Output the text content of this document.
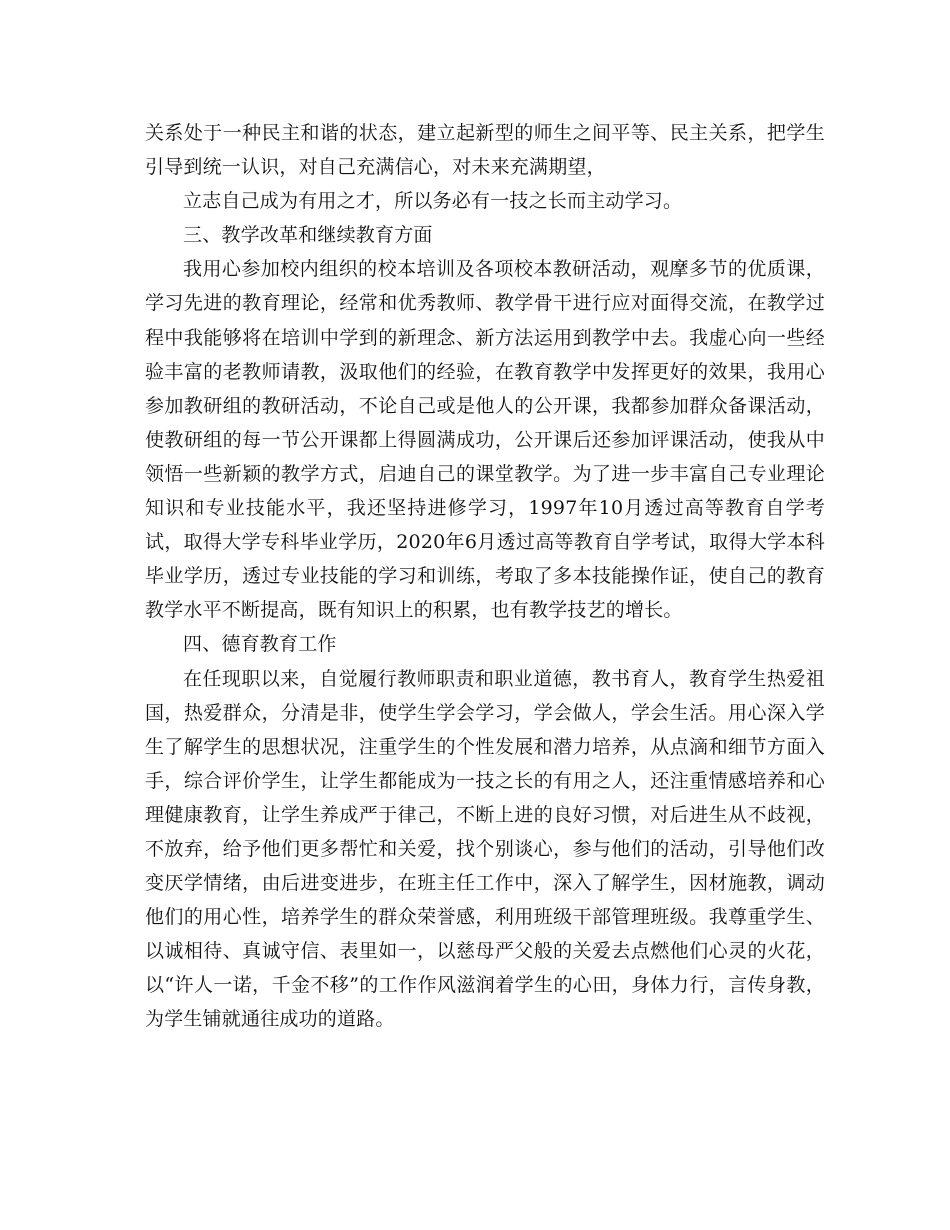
关系处于一种民主和谐的状态，建立起新型的师生之间平等、民主关系，把学生引导到统一认识，对自己充满信心，对未来充满期望，

立志自己成为有用之才，所以务必有一技之长而主动学习。

三、教学改革和继续教育方面

我用心参加校内组织的校本培训及各项校本教研活动，观摩多节的优质课，学习先进的教育理论，经常和优秀教师、教学骨干进行应对面得交流，在教学过程中我能够将在培训中学到的新理念、新方法运用到教学中去。我虚心向一些经验丰富的老教师请教，汲取他们的经验，在教育教学中发挥更好的效果，我用心参加教研组的教研活动，不论自己或是他人的公开课，我都参加群众备课活动，使教研组的每一节公开课都上得圆满成功，公开课后还参加评课活动，使我从中领悟一些新颖的教学方式，启迪自己的课堂教学。为了进一步丰富自己专业理论知识和专业技能水平，我还坚持进修学习，1997年10月透过高等教育自学考试，取得大学专科毕业学历，2020年6月透过高等教育自学考试，取得大学本科毕业学历，透过专业技能的学习和训练，考取了多本技能操作证，使自己的教育教学水平不断提高，既有知识上的积累，也有教学技艺的增长。

四、德育教育工作

在任现职以来，自觉履行教师职责和职业道德，教书育人，教育学生热爱祖国，热爱群众，分清是非，使学生学会学习，学会做人，学会生活。用心深入学生了解学生的思想状况，注重学生的个性发展和潜力培养，从点滴和细节方面入手，综合评价学生，让学生都能成为一技之长的有用之人，还注重情感培养和心理健康教育，让学生养成严于律己，不断上进的良好习惯，对后进生从不歧视，不放弃，给予他们更多帮忙和关爱，找个别谈心，参与他们的活动，引导他们改变厌学情绪，由后进变进步，在班主任工作中，深入了解学生，因材施教，调动他们的用心性，培养学生的群众荣誉感，利用班级干部管理班级。我尊重学生、以诚相待、真诚守信、表里如一，以慈母严父般的关爱去点燃他们心灵的火花，以“许人一诺，千金不移”的工作作风滋润着学生的心田，身体力行，言传身教，为学生铺就通往成功的道路。
